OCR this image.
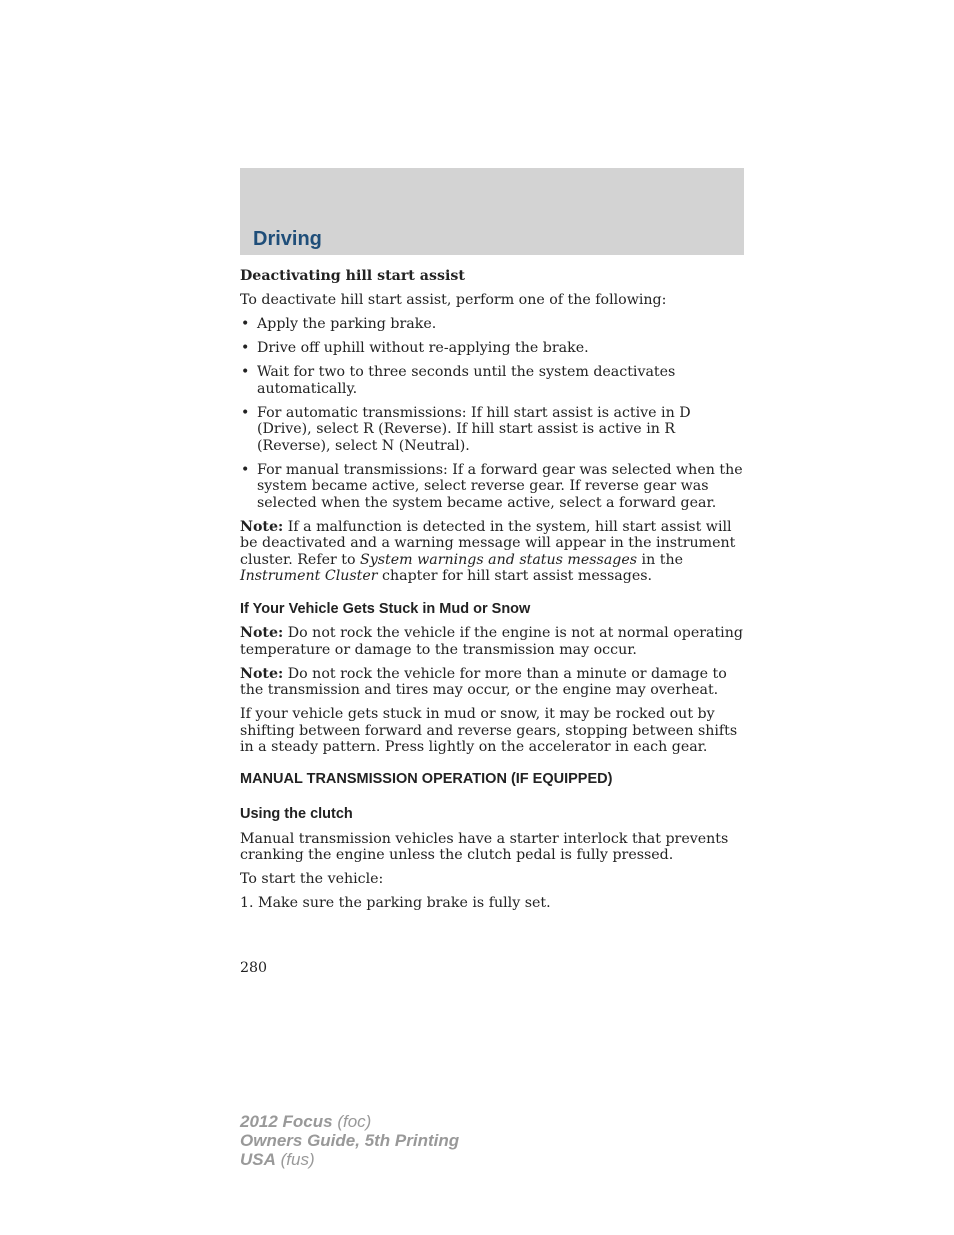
Driving

Deactivating hill start assist

To deactivate hill start assist, perform one of the following:

• Apply the parking brake.
• Drive off uphill without re-applying the brake.
• Wait for two to three seconds until the system deactivates automatically.
• For automatic transmissions: If hill start assist is active in D (Drive), select R (Reverse). If hill start assist is active in R (Reverse), select N (Neutral).
• For manual transmissions: If a forward gear was selected when the system became active, select reverse gear. If reverse gear was selected when the system became active, select a forward gear.

Note: If a malfunction is detected in the system, hill start assist will be deactivated and a warning message will appear in the instrument cluster. Refer to System warnings and status messages in the Instrument Cluster chapter for hill start assist messages.

If Your Vehicle Gets Stuck in Mud or Snow

Note: Do not rock the vehicle if the engine is not at normal operating temperature or damage to the transmission may occur.

Note: Do not rock the vehicle for more than a minute or damage to the transmission and tires may occur, or the engine may overheat.

If your vehicle gets stuck in mud or snow, it may be rocked out by shifting between forward and reverse gears, stopping between shifts in a steady pattern. Press lightly on the accelerator in each gear.

MANUAL TRANSMISSION OPERATION (IF EQUIPPED)
Using the clutch

Manual transmission vehicles have a starter interlock that prevents cranking the engine unless the clutch pedal is fully pressed.

To start the vehicle:

1. Make sure the parking brake is fully set.

280
2012 Focus (foc)
Owners Guide, 5th Printing
USA (fus)
